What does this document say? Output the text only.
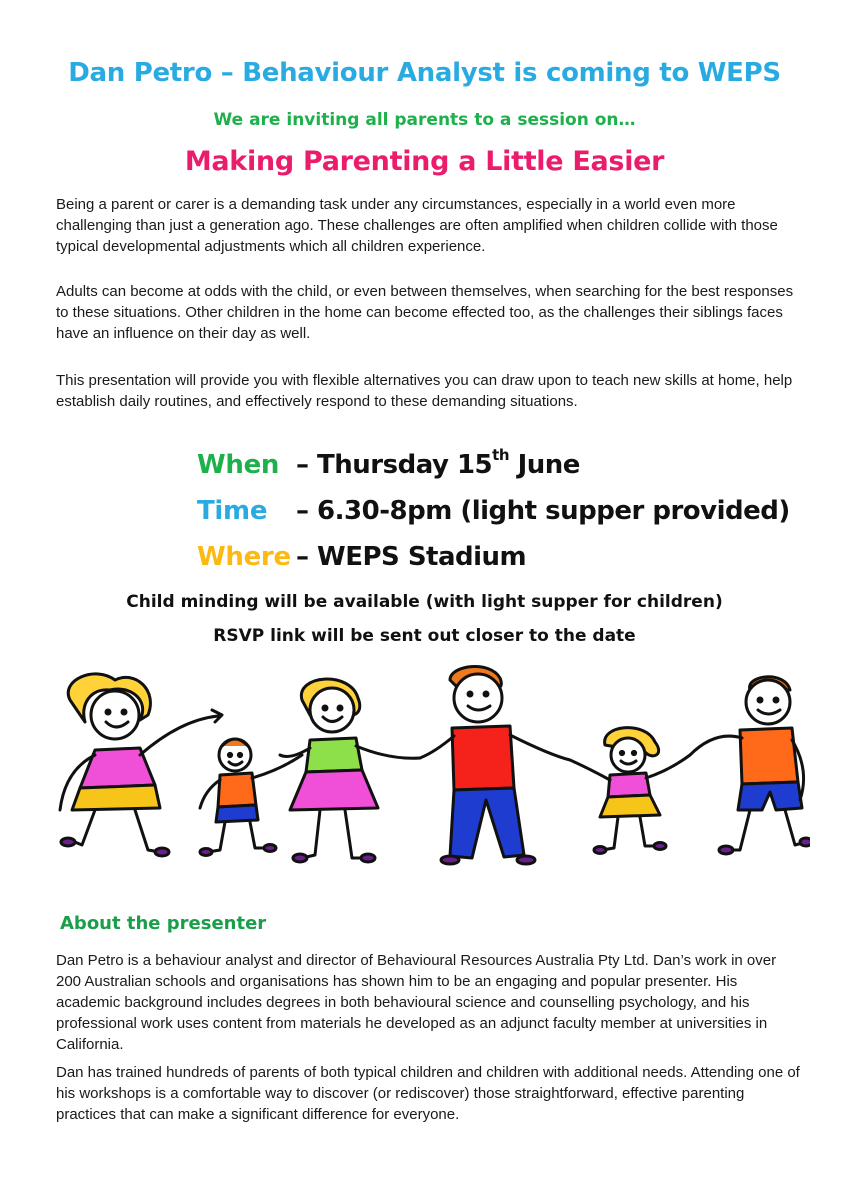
Dan Petro – Behaviour Analyst is coming to WEPS
We are inviting all parents to a session on…
Making Parenting a Little Easier

Being a parent or carer is a demanding task under any circumstances, especially in a world even more challenging than just a generation ago. These challenges are often amplified when children collide with those typical developmental adjustments which all children experience.

Adults can become at odds with the child, or even between themselves, when searching for the best responses to these situations. Other children in the home can become effected too, as the challenges their siblings faces have an influence on their day as well.

This presentation will provide you with flexible alternatives you can draw upon to teach new skills at home, help establish daily routines, and effectively respond to these demanding situations.

When – Thursday 15th June
Time – 6.30-8pm (light supper provided)
Where – WEPS Stadium
Child minding will be available (with light supper for children)
RSVP link will be sent out closer to the date
About the presenter

Dan Petro is a behaviour analyst and director of Behavioural Resources Australia Pty Ltd. Dan’s work in over 200 Australian schools and organisations has shown him to be an engaging and popular presenter. His academic background includes degrees in both behavioural science and counselling psychology, and his professional work uses content from materials he developed as an adjunct faculty member at universities in California.

Dan has trained hundreds of parents of both typical children and children with additional needs. Attending one of his workshops is a comfortable way to discover (or rediscover) those straightforward, effective parenting practices that can make a significant difference for everyone.
